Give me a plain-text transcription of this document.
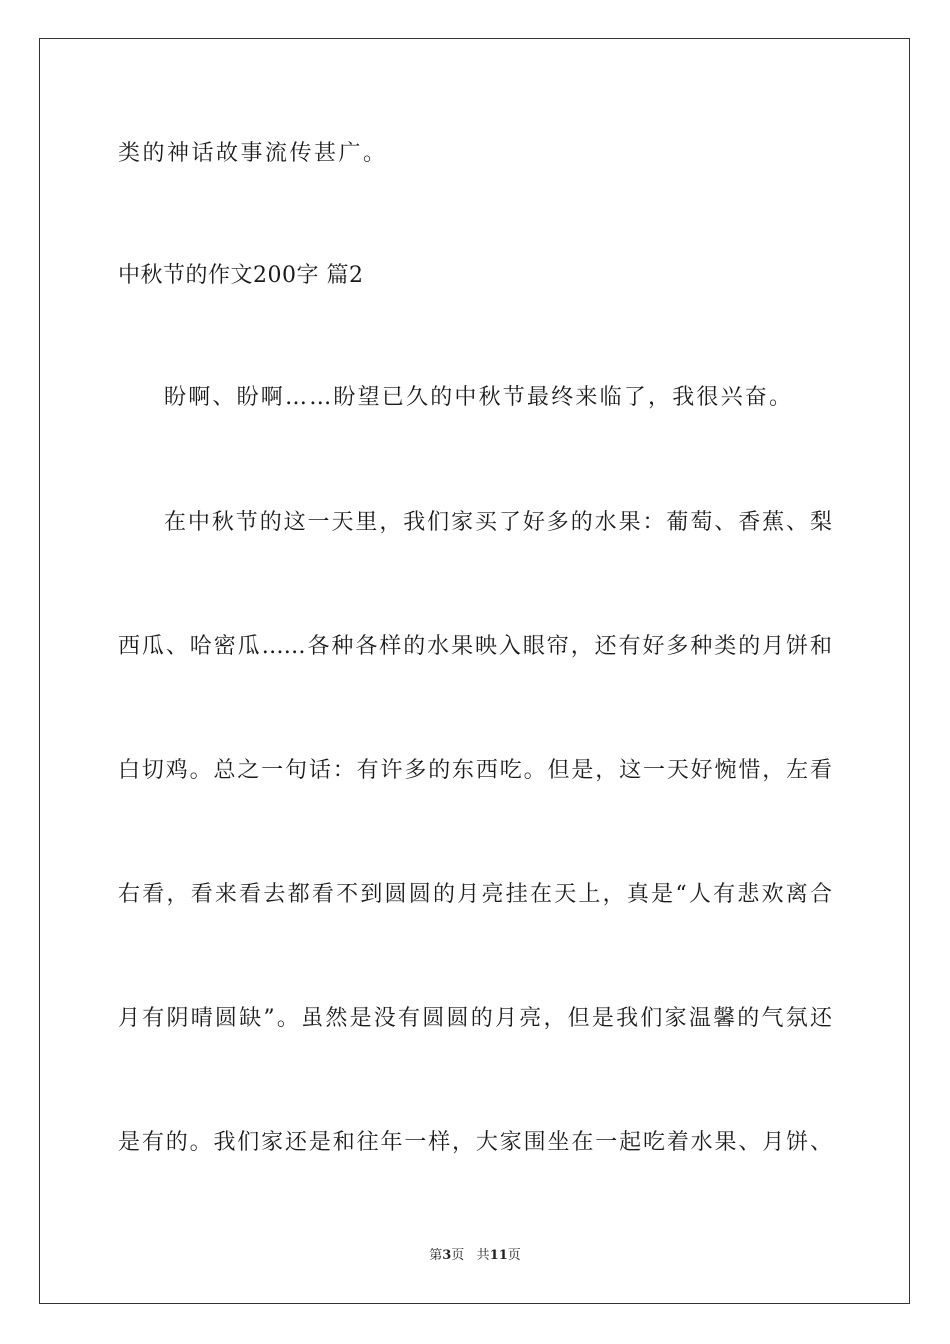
类的神话故事流传甚广。
中秋节的作文200字 篇2
盼啊、盼啊……盼望已久的中秋节最终来临了，我很兴奋。
在中秋节的这一天里，我们家买了好多的水果：葡萄、香蕉、梨
西瓜、哈密瓜……各种各样的水果映入眼帘，还有好多种类的月饼和
白切鸡。总之一句话：有许多的东西吃。但是，这一天好惋惜，左看
右看，看来看去都看不到圆圆的月亮挂在天上，真是“人有悲欢离合
月有阴晴圆缺”。虽然是没有圆圆的月亮，但是我们家温馨的气氛还
是有的。我们家还是和往年一样，大家围坐在一起吃着水果、月饼、
第3页 共11页
